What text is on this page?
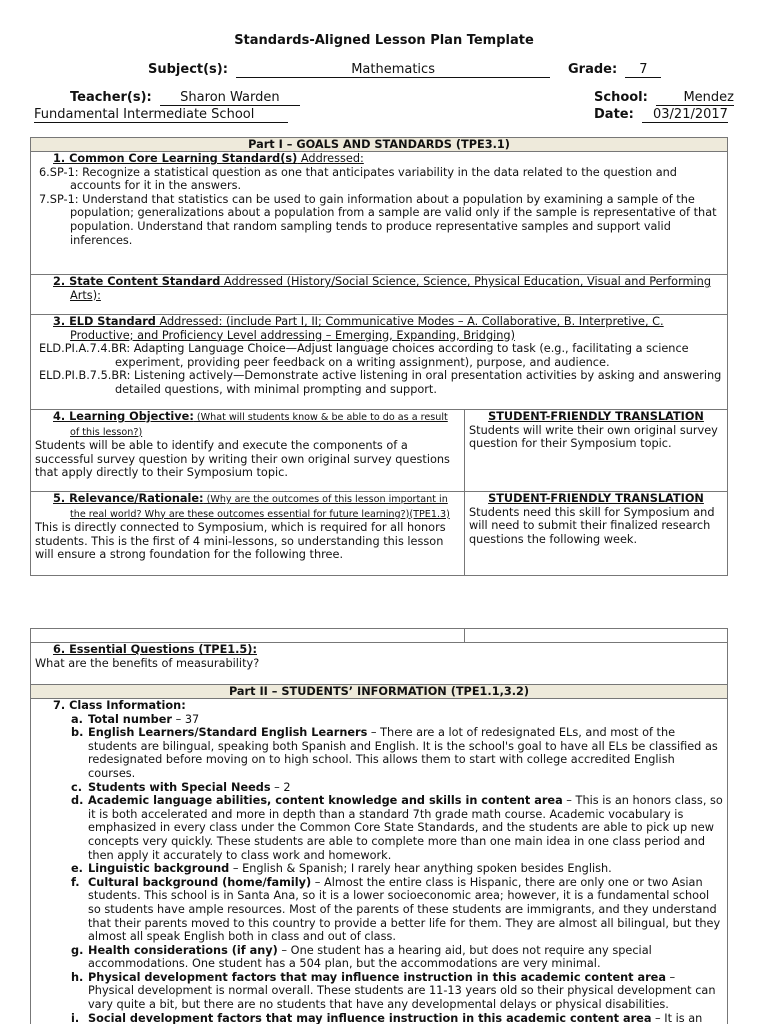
Standards-Aligned Lesson Plan Template
Subject(s):	Mathematics	Grade: 7
Teacher(s): Sharon Warden	School:	Mendez
Fundamental Intermediate School	Date: 03/21/2017
Part I – GOALS AND STANDARDS (TPE3.1)
1. Common Core Learning Standard(s) Addressed:
6.SP-1: Recognize a statistical question as one that anticipates variability in the data related to the question and accounts for it in the answers.
7.SP-1: Understand that statistics can be used to gain information about a population by examining a sample of the population; generalizations about a population from a sample are valid only if the sample is representative of that population. Understand that random sampling tends to produce representative samples and support valid inferences.
2. State Content Standard Addressed (History/Social Science, Science, Physical Education, Visual and Performing Arts):
3. ELD Standard Addressed: (include Part I, II; Communicative Modes – A. Collaborative, B. Interpretive, C. Productive; and Proficiency Level addressing – Emerging, Expanding, Bridging)
ELD.PI.A.7.4.BR: Adapting Language Choice—Adjust language choices according to task (e.g., facilitating a science experiment, providing peer feedback on a writing assignment), purpose, and audience.
ELD.PI.B.7.5.BR: Listening actively—Demonstrate active listening in oral presentation activities by asking and answering detailed questions, with minimal prompting and support.
4. Learning Objective: (What will students know & be able to do as a result of this lesson?)
Students will be able to identify and execute the components of a successful survey question by writing their own original survey questions that apply directly to their Symposium topic.
STUDENT-FRIENDLY TRANSLATION
Students will write their own original survey question for their Symposium topic.
5. Relevance/Rationale: (Why are the outcomes of this lesson important in the real world? Why are these outcomes essential for future learning?)(TPE1.3)
This is directly connected to Symposium, which is required for all honors students. This is the first of 4 mini-lessons, so understanding this lesson will ensure a strong foundation for the following three.
STUDENT-FRIENDLY TRANSLATION
Students need this skill for Symposium and will need to submit their finalized research questions the following week.
6. Essential Questions (TPE1.5):
What are the benefits of measurability?
Part II – STUDENTS’ INFORMATION (TPE1.1,3.2)
7. Class Information:
a. Total number – 37
b. English Learners/Standard English Learners – There are a lot of redesignated ELs, and most of the students are bilingual, speaking both Spanish and English. It is the school's goal to have all ELs be classified as redesignated before moving on to high school. This allows them to start with college accredited English courses.
c. Students with Special Needs – 2
d. Academic language abilities, content knowledge and skills in content area – This is an honors class, so it is both accelerated and more in depth than a standard 7th grade math course. Academic vocabulary is emphasized in every class under the Common Core State Standards, and the students are able to pick up new concepts very quickly. These students are able to complete more than one main idea in one class period and then apply it accurately to class work and homework.
e. Linguistic background – English & Spanish; I rarely hear anything spoken besides English.
f. Cultural background (home/family) – Almost the entire class is Hispanic, there are only one or two Asian students. This school is in Santa Ana, so it is a lower socioeconomic area; however, it is a fundamental school so students have ample resources. Most of the parents of these students are immigrants, and they understand that their parents moved to this country to provide a better life for them. They are almost all bilingual, but they almost all speak English both in class and out of class.
g. Health considerations (if any) – One student has a hearing aid, but does not require any special accommodations. One student has a 504 plan, but the accommodations are very minimal.
h. Physical development factors that may influence instruction in this academic content area – Physical development is normal overall. These students are 11-13 years old so their physical development can vary quite a bit, but there are no students that have any developmental delays or physical disabilities.
i. Social development factors that may influence instruction in this academic content area – It is an
